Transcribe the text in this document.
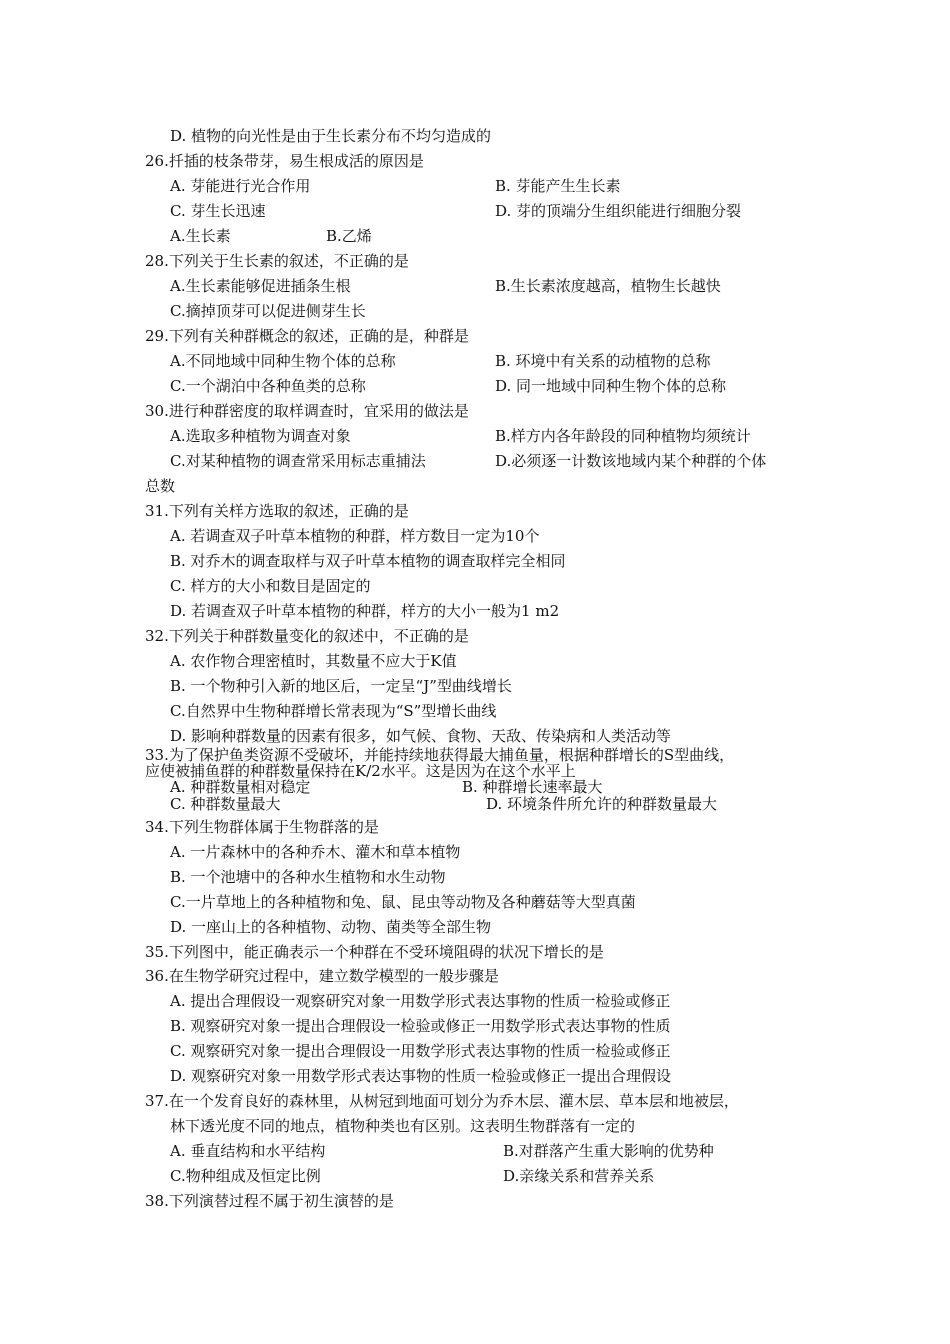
D. 植物的向光性是由于生长素分布不均匀造成的
26.扦插的枝条带芽，易生根成活的原因是
A. 芽能进行光合作用	B. 芽能产生生长素
C. 芽生长迅速	D. 芽的顶端分生组织能进行细胞分裂
A.生长素	B.乙烯
28.下列关于生长素的叙述，不正确的是
A.生长素能够促进插条生根	B.生长素浓度越高，植物生长越快
C.摘掉顶芽可以促进侧芽生长
29.下列有关种群概念的叙述，正确的是，种群是
A.不同地域中同种生物个体的总称	B. 环境中有关系的动植物的总称
C.一个湖泊中各种鱼类的总称	D. 同一地域中同种生物个体的总称
30.进行种群密度的取样调查时，宜采用的做法是
A.选取多种植物为调查对象	B.样方内各年龄段的同种植物均须统计
C.对某种植物的调查常采用标志重捕法	D.必须逐一计数该地域内某个种群的个体
总数
31.下列有关样方选取的叙述，正确的是
A. 若调查双子叶草本植物的种群，样方数目一定为10个
B. 对乔木的调查取样与双子叶草本植物的调查取样完全相同
C. 样方的大小和数目是固定的
D. 若调查双子叶草本植物的种群，样方的大小一般为1 m2
32.下列关于种群数量变化的叙述中，不正确的是
A. 农作物合理密植时，其数量不应大于K值
B. 一个物种引入新的地区后，一定呈“J”型曲线增长
C.自然界中生物种群增长常表现为“S”型增长曲线
D. 影响种群数量的因素有很多，如气候、食物、天敌、传染病和人类活动等
33.为了保护鱼类资源不受破坏，并能持续地获得最大捕鱼量，根据种群增长的S型曲线，
应使被捕鱼群的种群数量保持在K/2水平。这是因为在这个水平上
A. 种群数量相对稳定	B. 种群增长速率最大
C. 种群数量最大	D. 环境条件所允许的种群数量最大
34.下列生物群体属于生物群落的是
A. 一片森林中的各种乔木、灌木和草本植物
B. 一个池塘中的各种水生植物和水生动物
C.一片草地上的各种植物和兔、鼠、昆虫等动物及各种蘑菇等大型真菌
D. 一座山上的各种植物、动物、菌类等全部生物
35.下列图中，能正确表示一个种群在不受环境阻碍的状况下增长的是
36.在生物学研究过程中，建立数学模型的一般步骤是
A. 提出合理假设一观察研究对象一用数学形式表达事物的性质一检验或修正
B. 观察研究对象一提出合理假设一检验或修正一用数学形式表达事物的性质
C. 观察研究对象一提出合理假设一用数学形式表达事物的性质一检验或修正
D. 观察研究对象一用数学形式表达事物的性质一检验或修正一提出合理假设
37.在一个发育良好的森林里，从树冠到地面可划分为乔木层、灌木层、草本层和地被层，
林下透光度不同的地点，植物种类也有区别。这表明生物群落有一定的
A. 垂直结构和水平结构	B.对群落产生重大影响的优势种
C.物种组成及恒定比例	D.亲缘关系和营养关系
38.下列演替过程不属于初生演替的是
